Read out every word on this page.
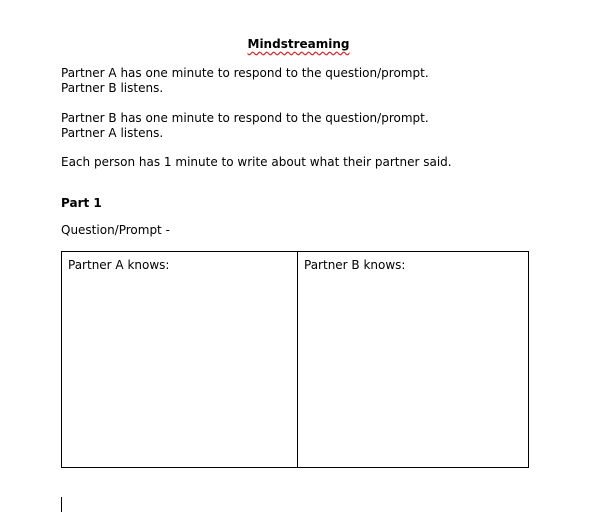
Mindstreaming
Partner A has one minute to respond to the question/prompt.
Partner B listens.
Partner B has one minute to respond to the question/prompt.
Partner A listens.
Each person has 1 minute to write about what their partner said.
Part 1
Question/Prompt -
Partner A knows:	Partner B knows:
